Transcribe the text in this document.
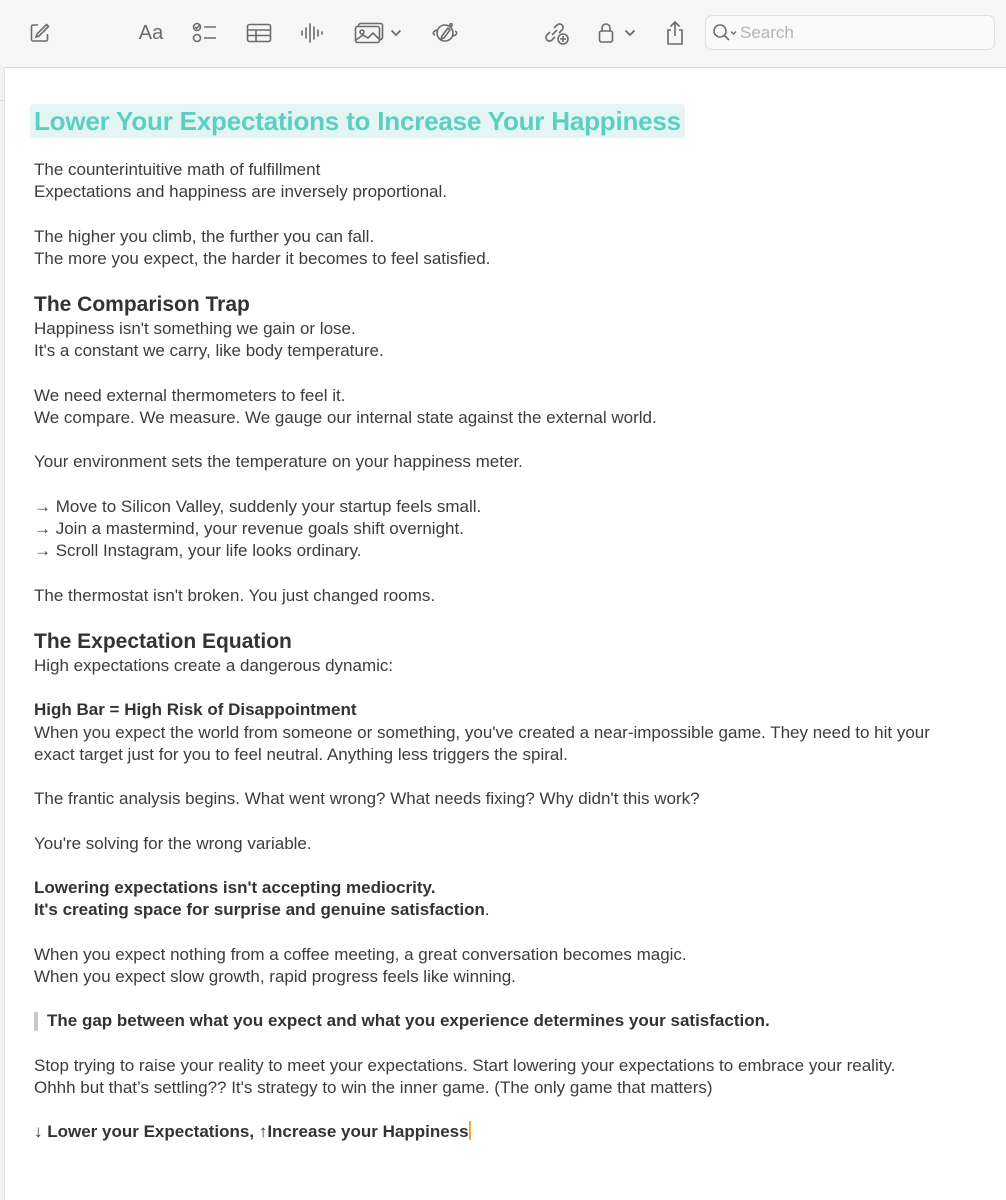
Aa
Search
Lower Your Expectations to Increase Your Happiness

The counterintuitive math of fulfillment

Expectations and happiness are inversely proportional.

The higher you climb, the further you can fall.

The more you expect, the harder it becomes to feel satisfied.

The Comparison Trap

Happiness isn't something we gain or lose.

It's a constant we carry, like body temperature.

We need external thermometers to feel it.

We compare. We measure. We gauge our internal state against the external world.

Your environment sets the temperature on your happiness meter.

→ Move to Silicon Valley, suddenly your startup feels small.

→ Join a mastermind, your revenue goals shift overnight.

→ Scroll Instagram, your life looks ordinary.

The thermostat isn't broken. You just changed rooms.

The Expectation Equation

High expectations create a dangerous dynamic:

High Bar = High Risk of Disappointment

When you expect the world from someone or something, you've created a near-impossible game. They need to hit your

exact target just for you to feel neutral. Anything less triggers the spiral.

The frantic analysis begins. What went wrong? What needs fixing? Why didn't this work?

You're solving for the wrong variable.

Lowering expectations isn't accepting mediocrity.

It's creating space for surprise and genuine satisfaction.

When you expect nothing from a coffee meeting, a great conversation becomes magic.

When you expect slow growth, rapid progress feels like winning.

The gap between what you expect and what you experience determines your satisfaction.

Stop trying to raise your reality to meet your expectations. Start lowering your expectations to embrace your reality.

Ohhh but that’s settling?? It's strategy to win the inner game. (The only game that matters)

↓ Lower your Expectations, ↑Increase your Happiness
